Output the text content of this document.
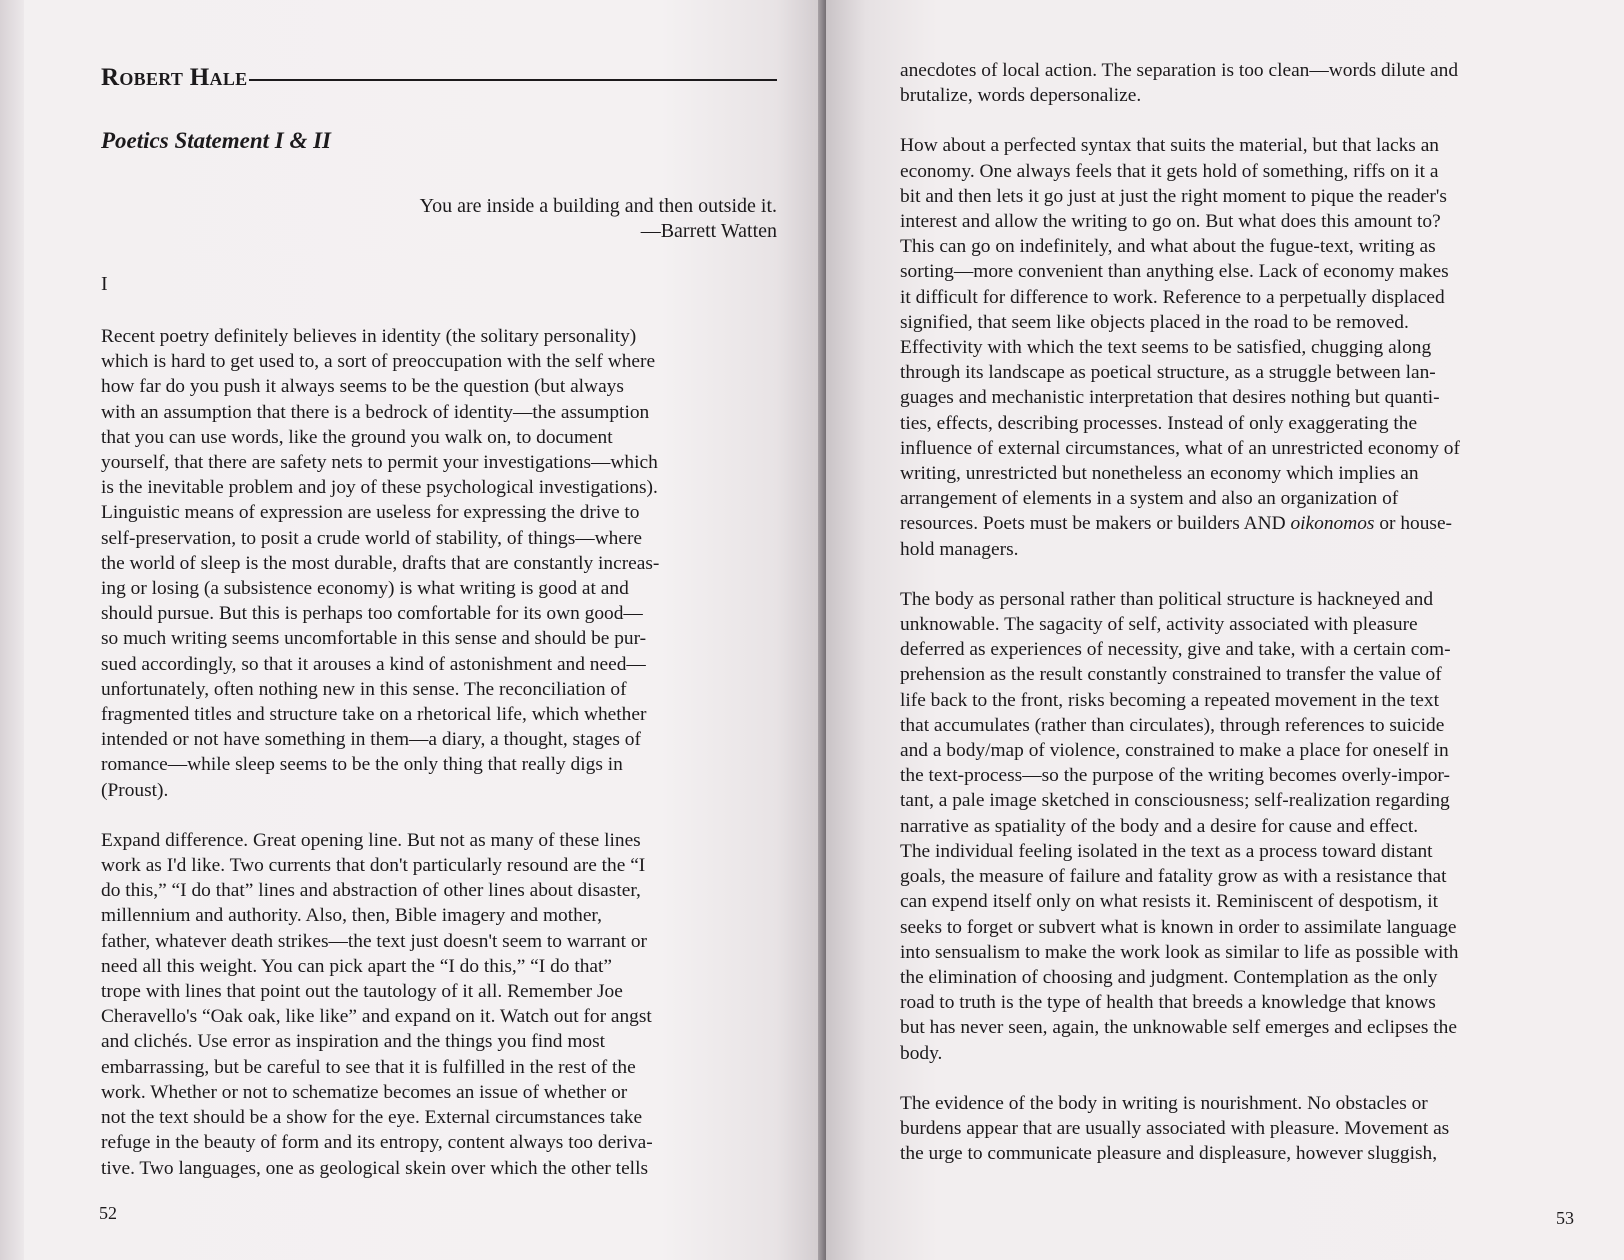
Robert Hale
Poetics Statement I & II
You are inside a building and then outside it.
—Barrett Watten
I
Recent poetry definitely believes in identity (the solitary personality)
which is hard to get used to, a sort of preoccupation with the self where
how far do you push it always seems to be the question (but always
with an assumption that there is a bedrock of identity—the assumption
that you can use words, like the ground you walk on, to document
yourself, that there are safety nets to permit your investigations—which
is the inevitable problem and joy of these psychological investigations).
Linguistic means of expression are useless for expressing the drive to
self-preservation, to posit a crude world of stability, of things—where
the world of sleep is the most durable, drafts that are constantly increas-
ing or losing (a subsistence economy) is what writing is good at and
should pursue. But this is perhaps too comfortable for its own good—
so much writing seems uncomfortable in this sense and should be pur-
sued accordingly, so that it arouses a kind of astonishment and need—
unfortunately, often nothing new in this sense. The reconciliation of
fragmented titles and structure take on a rhetorical life, which whether
intended or not have something in them—a diary, a thought, stages of
romance—while sleep seems to be the only thing that really digs in
(Proust).
Expand difference. Great opening line. But not as many of these lines
work as I'd like. Two currents that don't particularly resound are the “I
do this,” “I do that” lines and abstraction of other lines about disaster,
millennium and authority. Also, then, Bible imagery and mother,
father, whatever death strikes—the text just doesn't seem to warrant or
need all this weight. You can pick apart the “I do this,” “I do that”
trope with lines that point out the tautology of it all. Remember Joe
Cheravello's “Oak oak, like like” and expand on it. Watch out for angst
and clichés. Use error as inspiration and the things you find most
embarrassing, but be careful to see that it is fulfilled in the rest of the
work. Whether or not to schematize becomes an issue of whether or
not the text should be a show for the eye. External circumstances take
refuge in the beauty of form and its entropy, content always too deriva-
tive. Two languages, one as geological skein over which the other tells
52
anecdotes of local action. The separation is too clean—words dilute and
brutalize, words depersonalize.
How about a perfected syntax that suits the material, but that lacks an
economy. One always feels that it gets hold of something, riffs on it a
bit and then lets it go just at just the right moment to pique the reader's
interest and allow the writing to go on. But what does this amount to?
This can go on indefinitely, and what about the fugue-text, writing as
sorting—more convenient than anything else. Lack of economy makes
it difficult for difference to work. Reference to a perpetually displaced
signified, that seem like objects placed in the road to be removed.
Effectivity with which the text seems to be satisfied, chugging along
through its landscape as poetical structure, as a struggle between lan-
guages and mechanistic interpretation that desires nothing but quanti-
ties, effects, describing processes. Instead of only exaggerating the
influence of external circumstances, what of an unrestricted economy of
writing, unrestricted but nonetheless an economy which implies an
arrangement of elements in a system and also an organization of
resources. Poets must be makers or builders AND oikonomos or house-
hold managers.
The body as personal rather than political structure is hackneyed and
unknowable. The sagacity of self, activity associated with pleasure
deferred as experiences of necessity, give and take, with a certain com-
prehension as the result constantly constrained to transfer the value of
life back to the front, risks becoming a repeated movement in the text
that accumulates (rather than circulates), through references to suicide
and a body/map of violence, constrained to make a place for oneself in
the text-process—so the purpose of the writing becomes overly-impor-
tant, a pale image sketched in consciousness; self-realization regarding
narrative as spatiality of the body and a desire for cause and effect.
The individual feeling isolated in the text as a process toward distant
goals, the measure of failure and fatality grow as with a resistance that
can expend itself only on what resists it. Reminiscent of despotism, it
seeks to forget or subvert what is known in order to assimilate language
into sensualism to make the work look as similar to life as possible with
the elimination of choosing and judgment. Contemplation as the only
road to truth is the type of health that breeds a knowledge that knows
but has never seen, again, the unknowable self emerges and eclipses the
body.
The evidence of the body in writing is nourishment. No obstacles or
burdens appear that are usually associated with pleasure. Movement as
the urge to communicate pleasure and displeasure, however sluggish,
53
